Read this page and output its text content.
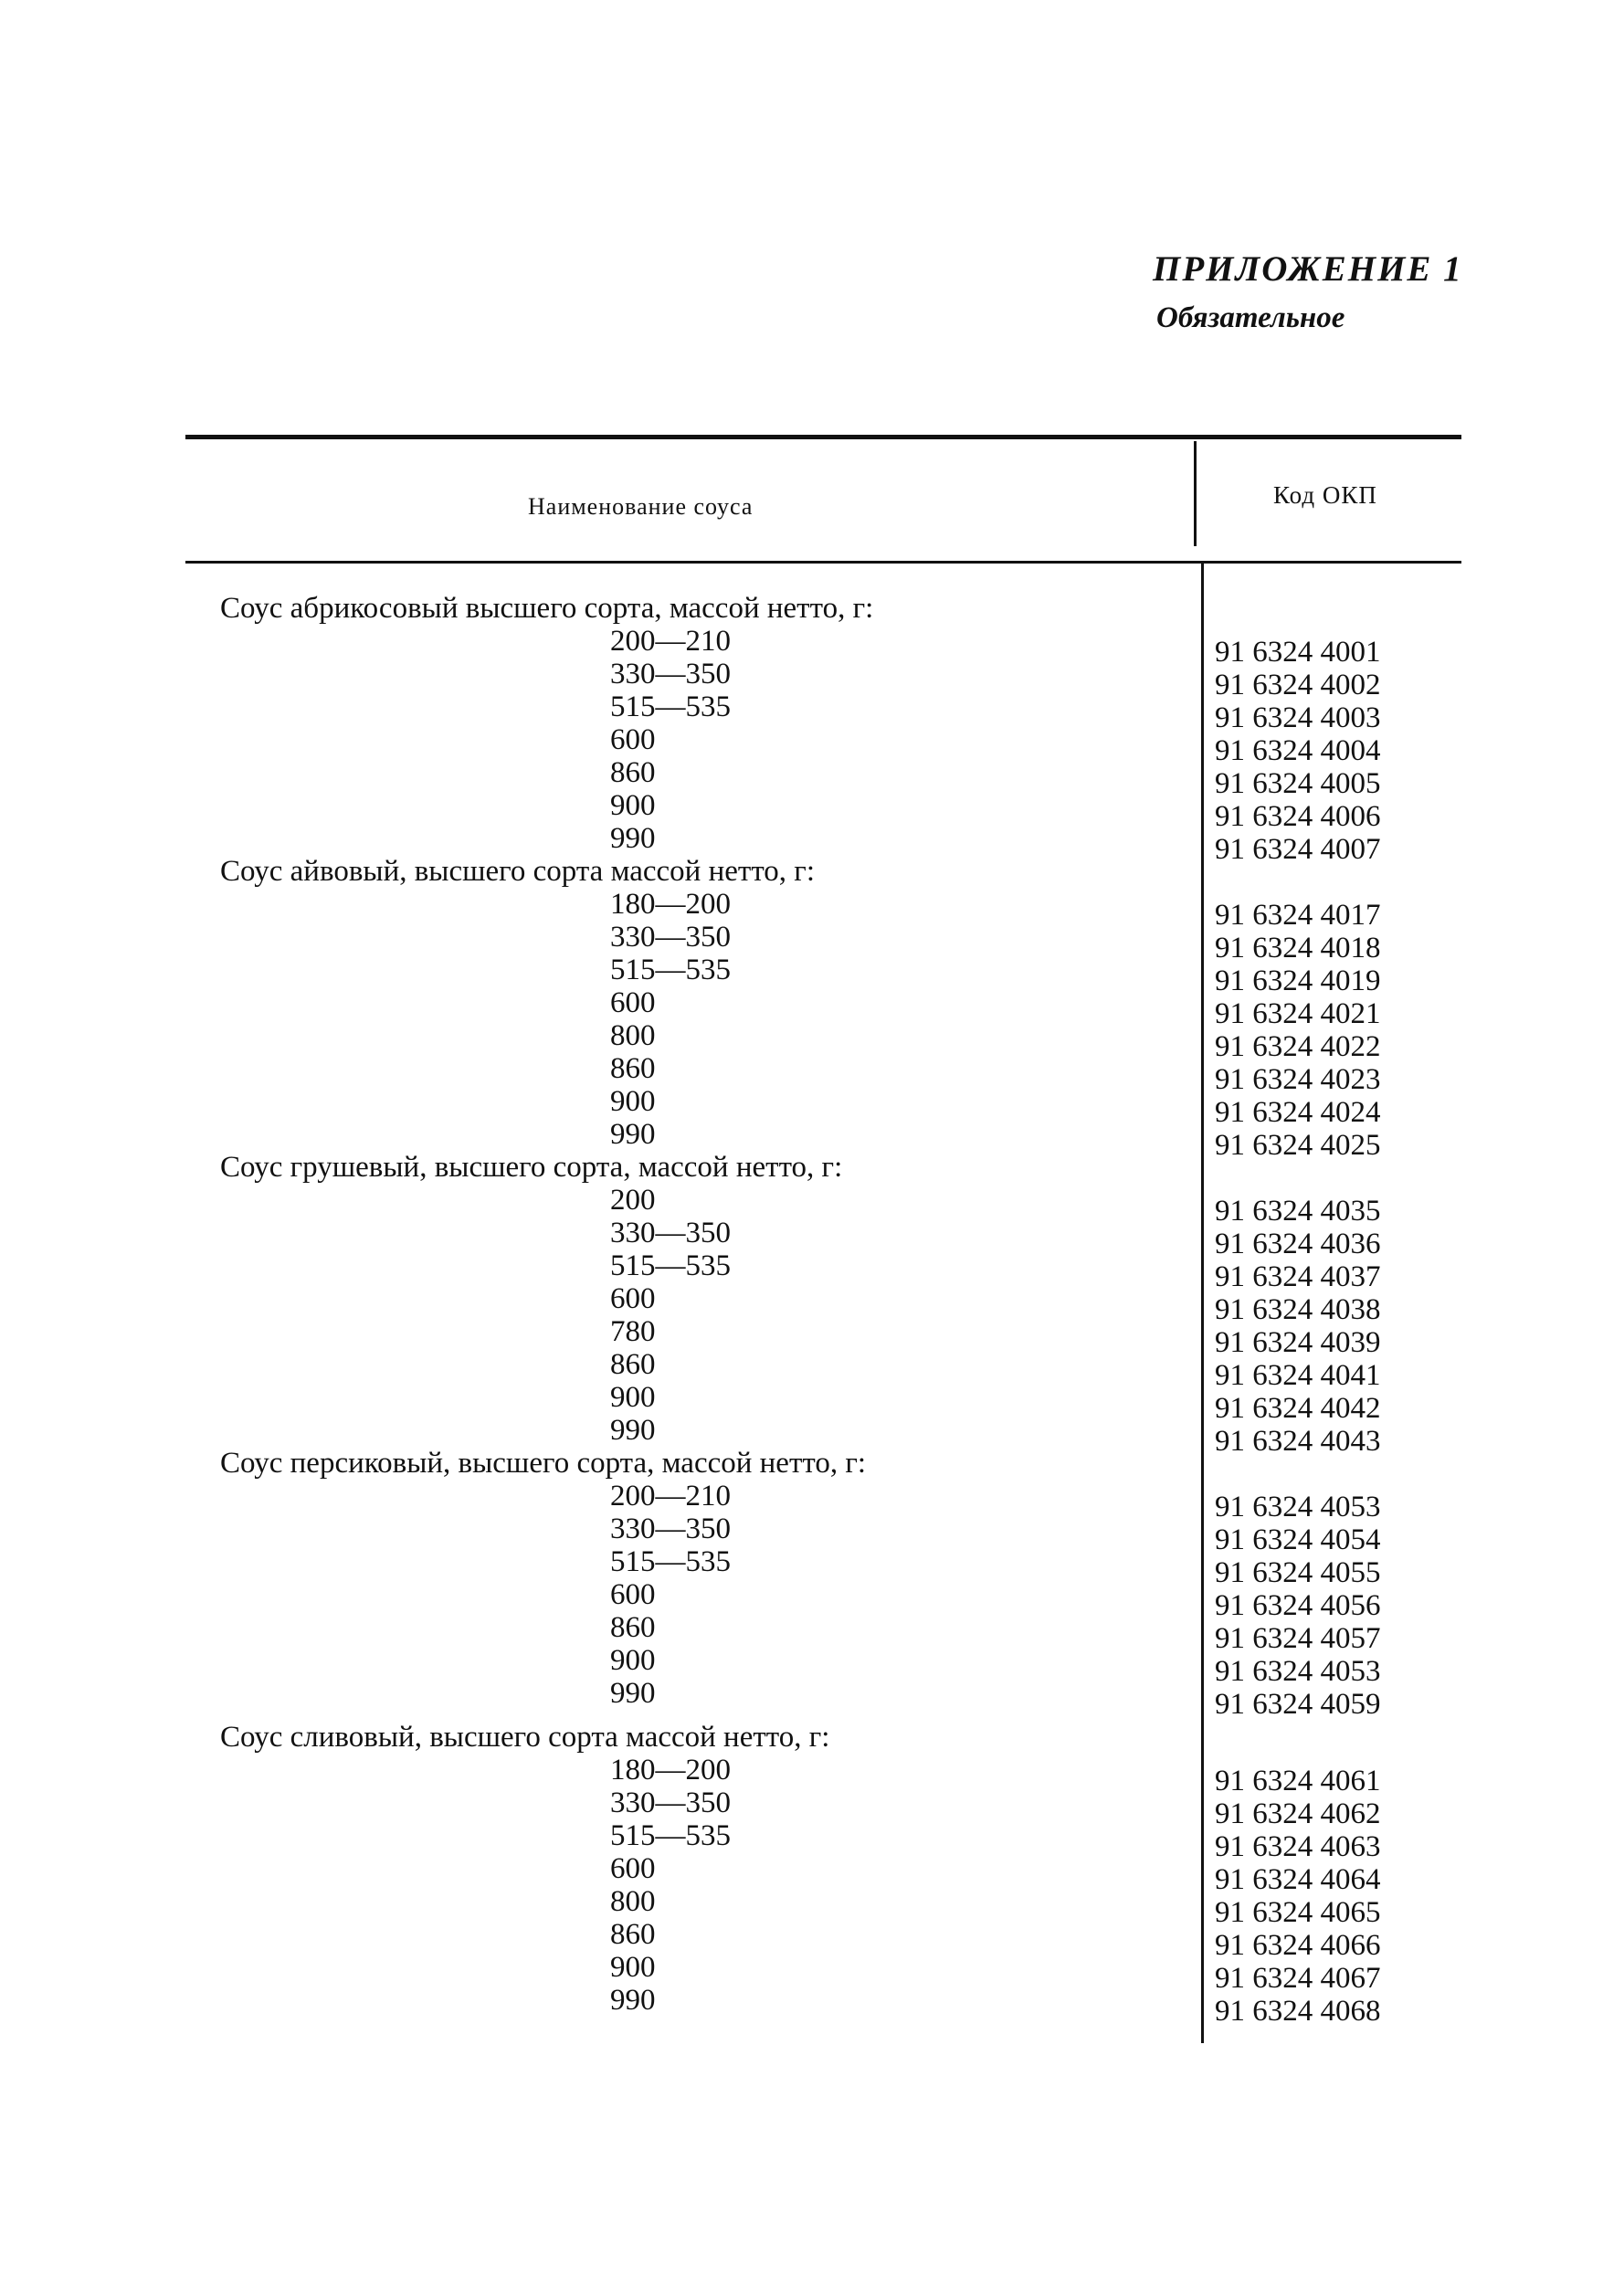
ПРИЛОЖЕНИЕ 1
Обязательное
Наименование соуса	Код ОКП
Соус абрикосовый высшего сорта, массой нетто, г:
200—210	91 6324 4001
330—350	91 6324 4002
515—535	91 6324 4003
600	91 6324 4004
860	91 6324 4005
900	91 6324 4006
990	91 6324 4007
Соус айвовый, высшего сорта массой нетто, г:
180—200	91 6324 4017
330—350	91 6324 4018
515—535	91 6324 4019
600	91 6324 4021
800	91 6324 4022
860	91 6324 4023
900	91 6324 4024
990	91 6324 4025
Соус грушевый, высшего сорта, массой нетто, г:
200	91 6324 4035
330—350	91 6324 4036
515—535	91 6324 4037
600	91 6324 4038
780	91 6324 4039
860	91 6324 4041
900	91 6324 4042
990	91 6324 4043
Соус персиковый, высшего сорта, массой нетто, г:
200—210	91 6324 4053
330—350	91 6324 4054
515—535	91 6324 4055
600	91 6324 4056
860	91 6324 4057
900	91 6324 4053
990	91 6324 4059
Соус сливовый, высшего сорта массой нетто, г:
180—200	91 6324 4061
330—350	91 6324 4062
515—535	91 6324 4063
600	91 6324 4064
800	91 6324 4065
860	91 6324 4066
900	91 6324 4067
990	91 6324 4068
